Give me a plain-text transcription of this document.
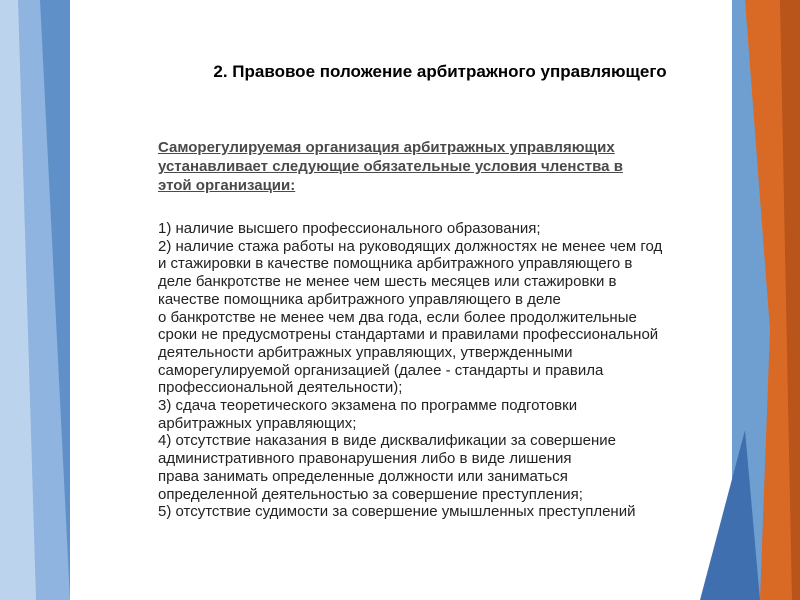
2. Правовое положение арбитражного управляющего
Саморегулируемая организация арбитражных управляющих
устанавливает следующие обязательные условия членства в
этой организации:
1) наличие высшего профессионального образования;
2) наличие стажа работы на руководящих должностях не менее чем год
и стажировки в качестве помощника арбитражного управляющего в
деле банкротстве не менее чем шесть месяцев или стажировки в
качестве помощника арбитражного управляющего в деле
о банкротстве не менее чем два года, если более продолжительные
сроки не предусмотрены стандартами и правилами профессиональной
деятельности арбитражных управляющих, утвержденными
саморегулируемой организацией (далее - стандарты и правила
профессиональной деятельности);
3) сдача теоретического экзамена по программе подготовки
арбитражных управляющих;
4) отсутствие наказания в виде дисквалификации за совершение
административного правонарушения либо в виде лишения
права занимать определенные должности или заниматься
определенной деятельностью за совершение преступления;
5) отсутствие судимости за совершение умышленных преступлений
